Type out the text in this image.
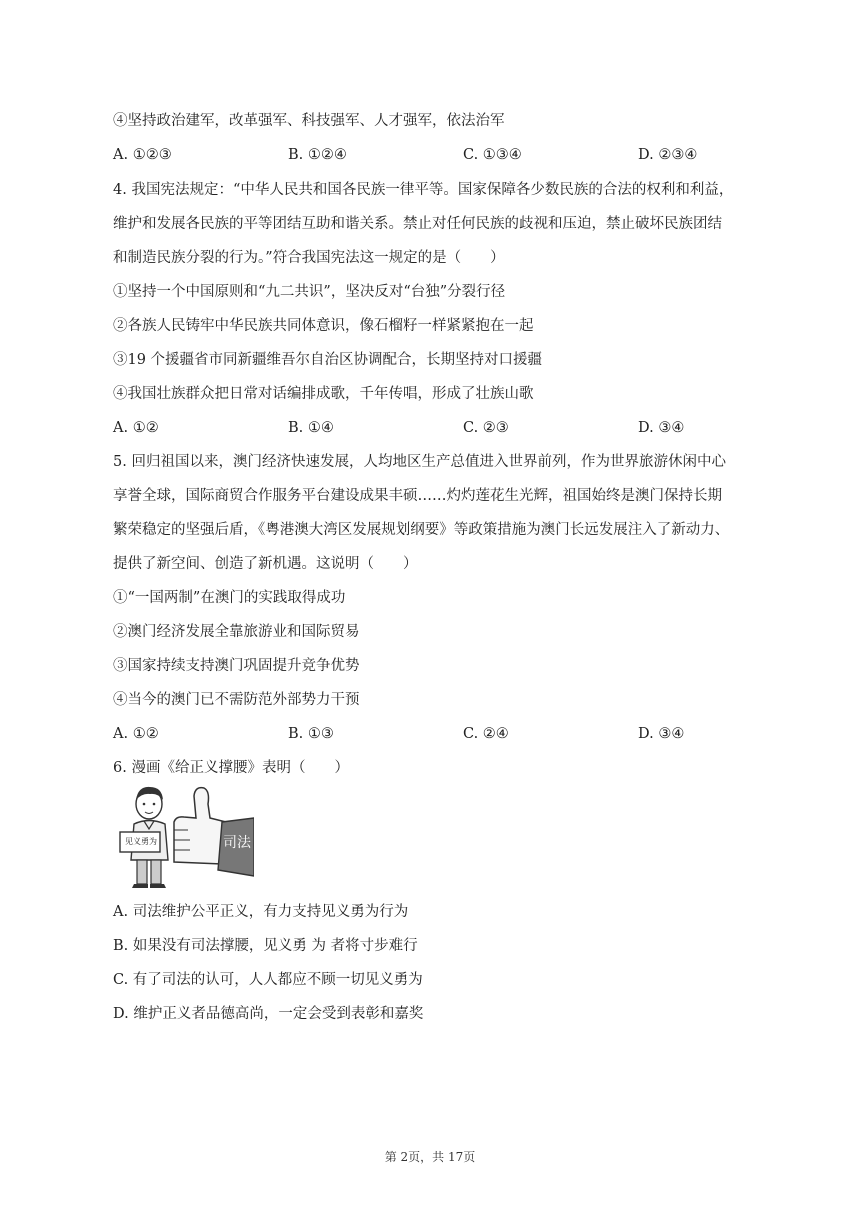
④坚持政治建军，改革强军、科技强军、人才强军，依法治军
A. ①②③	B. ①②④	C. ①③④	D. ②③④
4. 我国宪法规定：“中华人民共和国各民族一律平等。国家保障各少数民族的合法的权利和利益，
维护和发展各民族的平等团结互助和谐关系。禁止对任何民族的歧视和压迫，禁止破坏民族团结
和制造民族分裂的行为。”符合我国宪法这一规定的是（　　）
①坚持一个中国原则和“九二共识”，坚决反对“台独”分裂行径
②各族人民铸牢中华民族共同体意识，像石榴籽一样紧紧抱在一起
③19 个援疆省市同新疆维吾尔自治区协调配合，长期坚持对口援疆
④我国壮族群众把日常对话编排成歌，千年传唱，形成了壮族山歌
A. ①②	B. ①④	C. ②③	D. ③④
5. 回归祖国以来，澳门经济快速发展，人均地区生产总值进入世界前列，作为世界旅游休闲中心
享誉全球，国际商贸合作服务平台建设成果丰硕……灼灼莲花生光辉，祖国始终是澳门保持长期
繁荣稳定的坚强后盾，《粤港澳大湾区发展规划纲要》等政策措施为澳门长远发展注入了新动力、
提供了新空间、创造了新机遇。这说明（　　）
①“一国两制”在澳门的实践取得成功
②澳门经济发展全靠旅游业和国际贸易
③国家持续支持澳门巩固提升竞争优势
④当今的澳门已不需防范外部势力干预
A. ①②	B. ①③	C. ②④	D. ③④
6. 漫画《给正义撑腰》表明（　　）
见义勇为	司法
A. 司法维护公平正义，有力支持见义勇为行为
B. 如果没有司法撑腰，见义勇 为 者将寸步难行
C. 有了司法的认可，人人都应不顾一切见义勇为
D. 维护正义者品德高尚，一定会受到表彰和嘉奖
第 2页，共 17页
